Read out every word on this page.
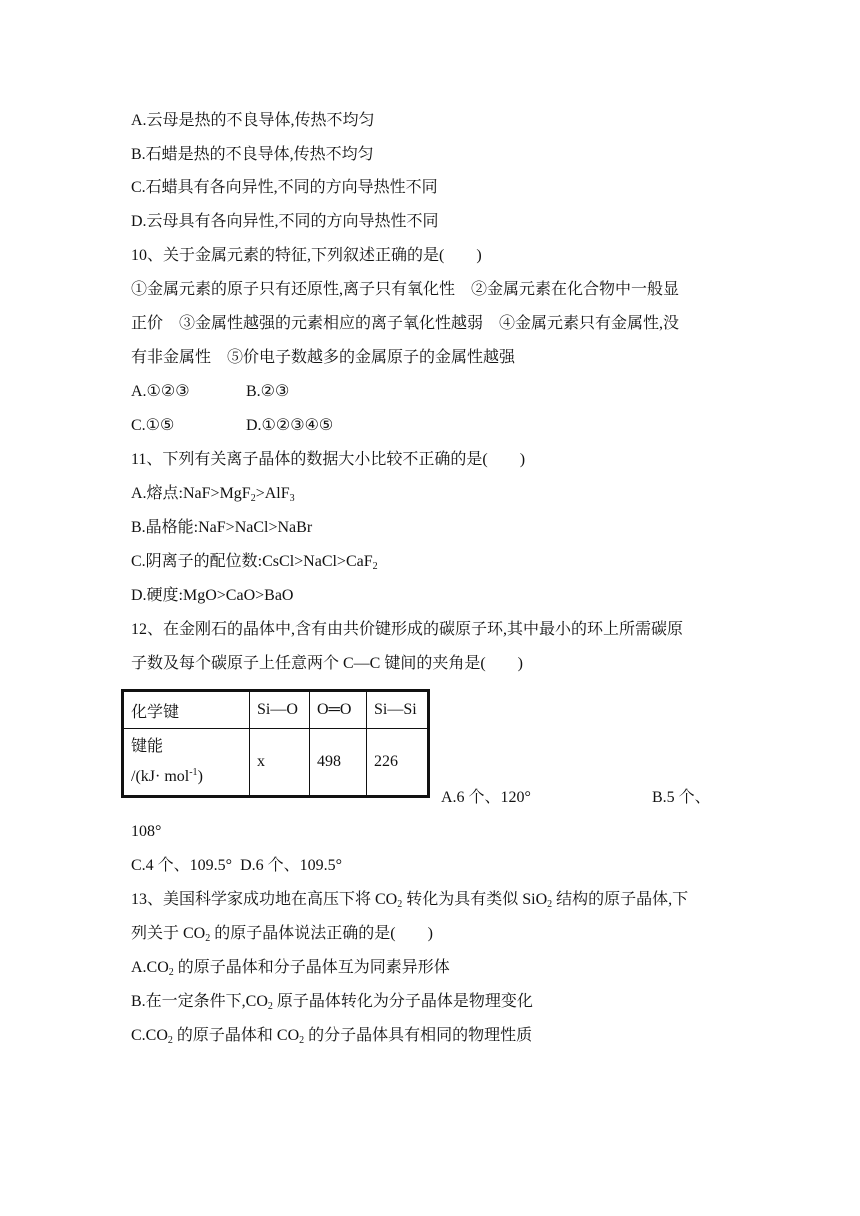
A.云母是热的不良导体,传热不均匀
B.石蜡是热的不良导体,传热不均匀
C.石蜡具有各向异性,不同的方向导热性不同
D.云母具有各向异性,不同的方向导热性不同
10、关于金属元素的特征,下列叙述正确的是(　　)
①金属元素的原子只有还原性,离子只有氧化性　②金属元素在化合物中一般显
正价　③金属性越强的元素相应的离子氧化性越弱　④金属元素只有金属性,没
有非金属性　⑤价电子数越多的金属原子的金属性越强
A.①②③	B.②③
C.①⑤	D.①②③④⑤
11、下列有关离子晶体的数据大小比较不正确的是(　　)
A.熔点:NaF>MgF$_2$>AlF$_3$
B.晶格能:NaF>NaCl>NaBr
C.阴离子的配位数:CsCl>NaCl>CaF$_2$
D.硬度:MgO>CaO>BaO
12、在金刚石的晶体中,含有由共价键形成的碳原子环,其中最小的环上所需碳原
子数及每个碳原子上任意两个 C—C 键间的夹角是(　　)
化学键	Si—O	O═O	Si—Si

键能
/(kJ· mol$^{-1}$)	x	498	226
A.6 个、120°	B.5 个、
108°
C.4 个、109.5°  D.6 个、109.5°
13、美国科学家成功地在高压下将 $CO_2$ 转化为具有类似 SiO$_2$ 结构的原子晶体,下
列关于 $CO_2$ 的原子晶体说法正确的是(　　)
$A.CO_2$ 的原子晶体和分子晶体互为同素异形体
B.在一定条件下$,CO_2$ 原子晶体转化为分子晶体是物理变化
$C.CO_2$ 的原子晶体和 $CO_2$ 的分子晶体具有相同的物理性质
